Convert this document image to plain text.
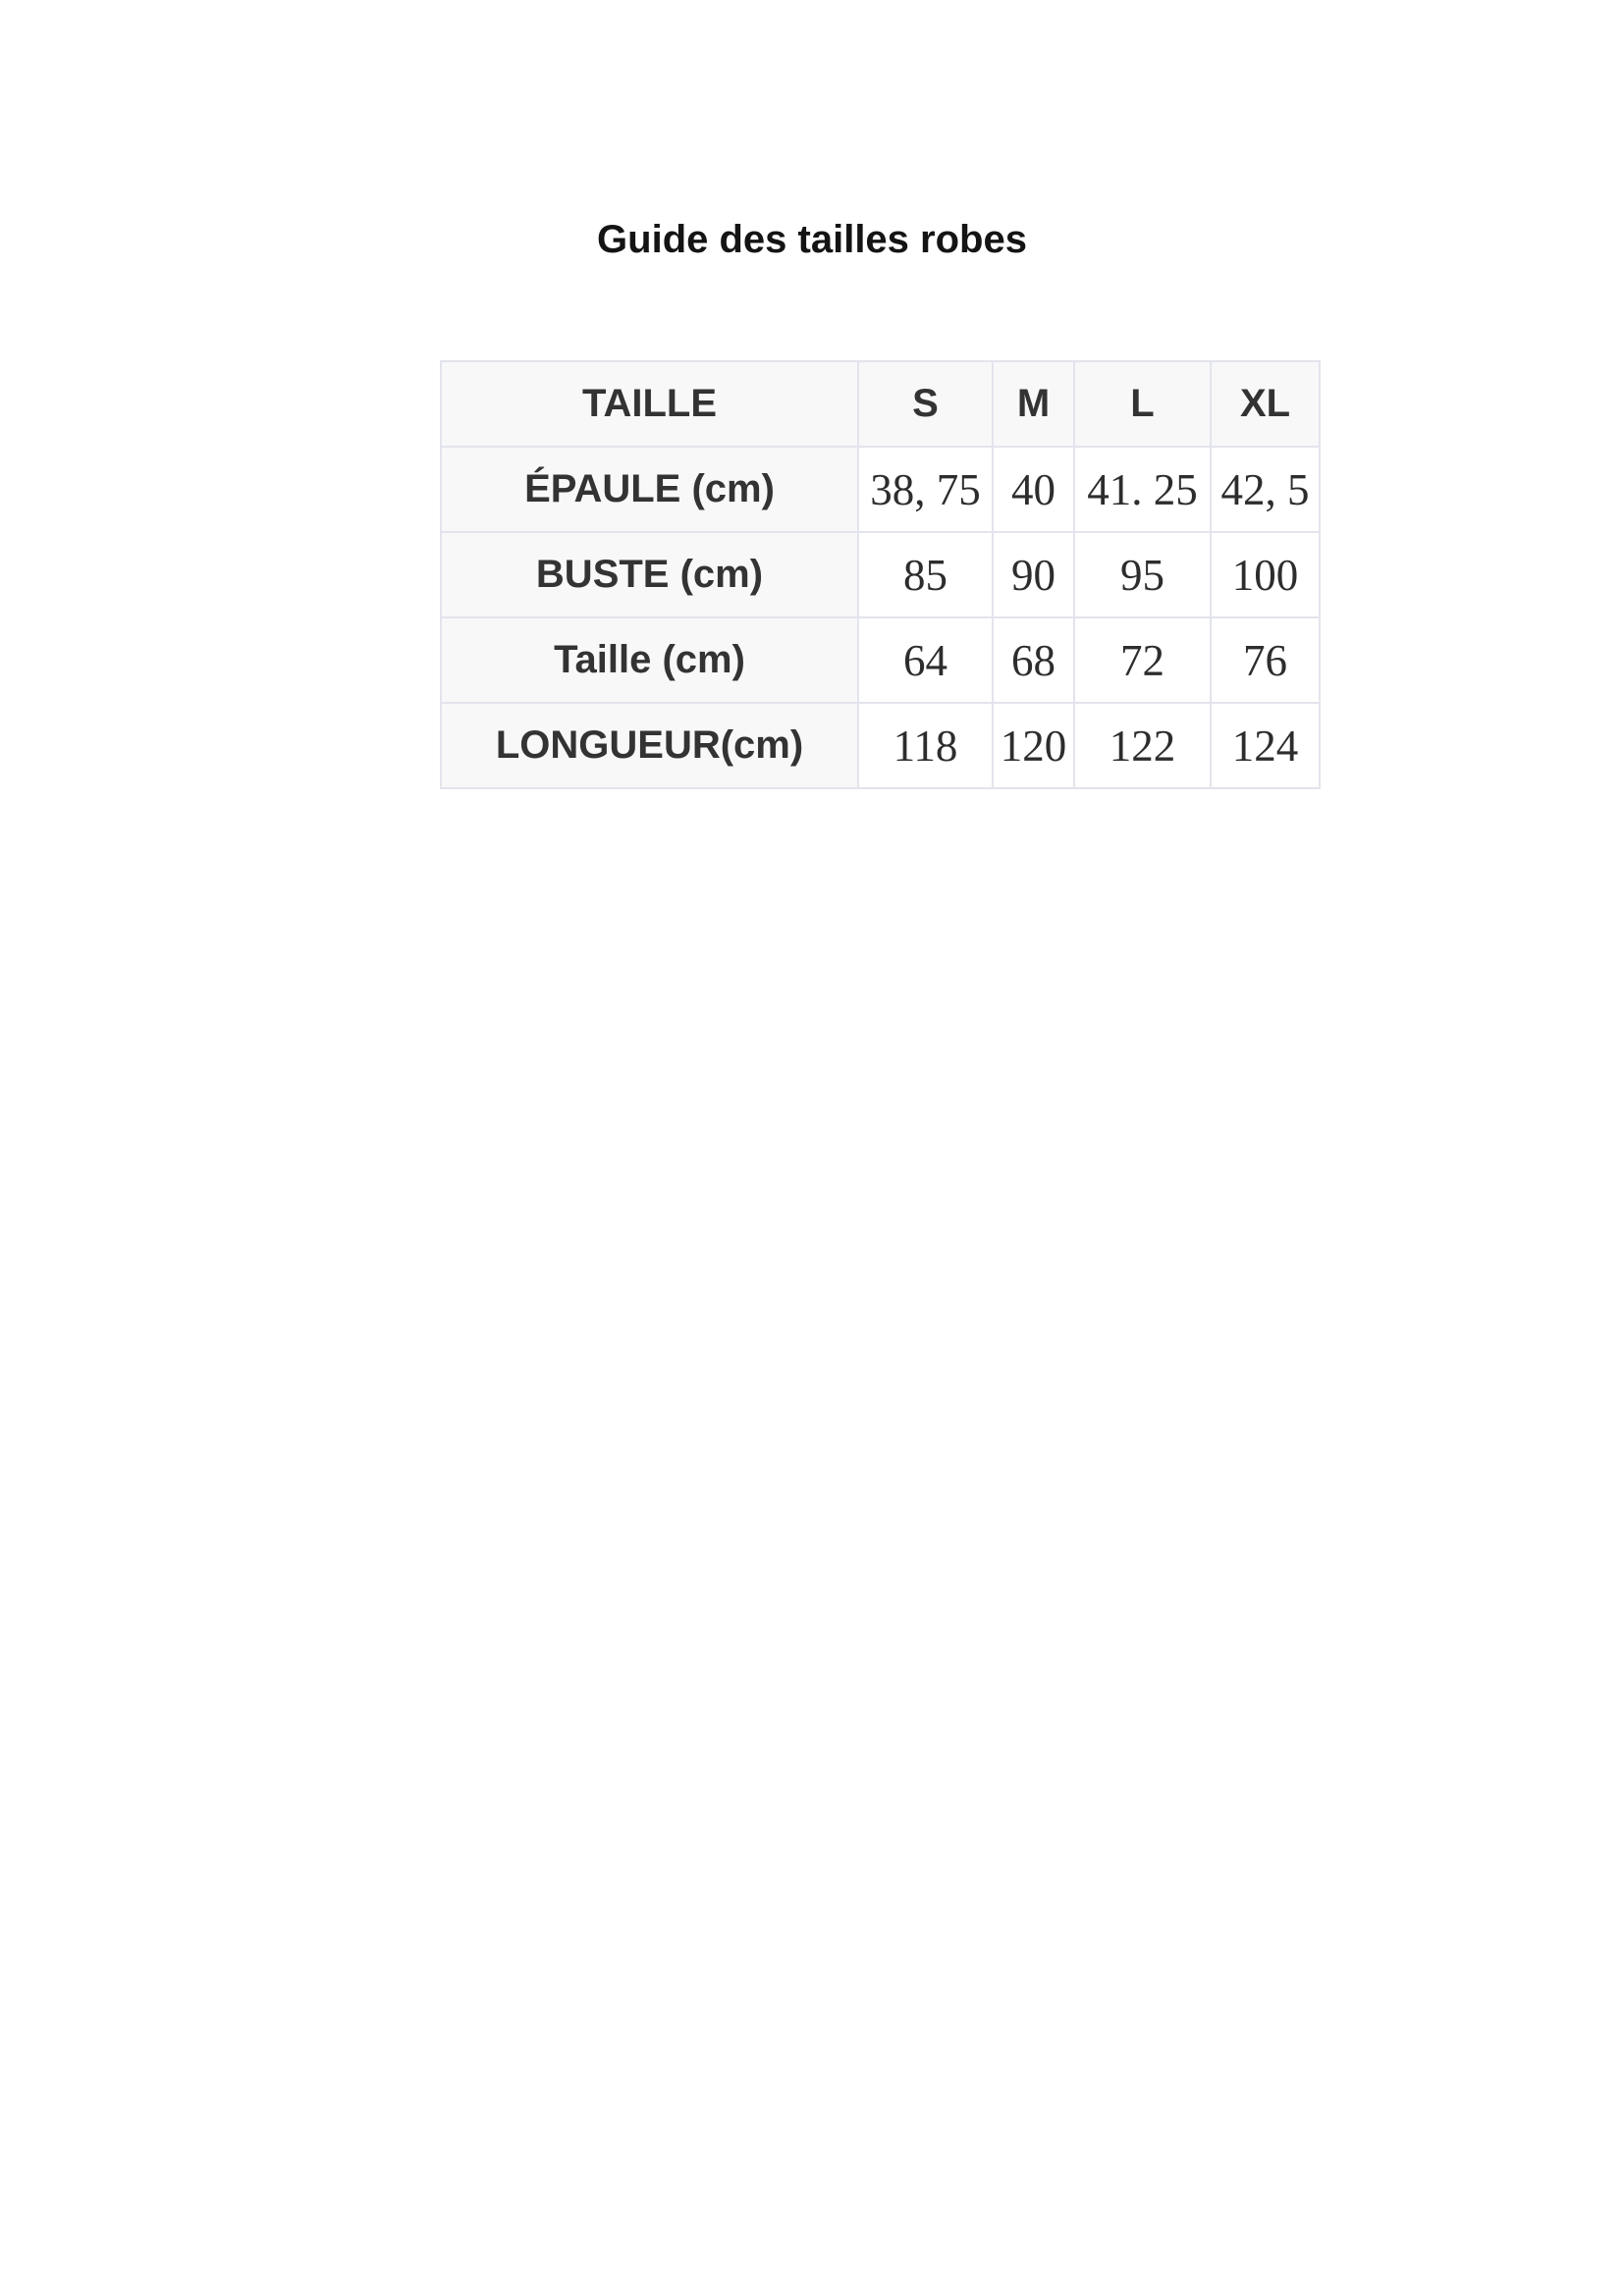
Guide des tailles robes
TAILLE	S	M	L	XL
ÉPAULE (cm)	38, 75	40	41. 25	42, 5
BUSTE (cm)	85	90	95	100
Taille (cm)	64	68	72	76
LONGUEUR(cm)	118	120	122	124
